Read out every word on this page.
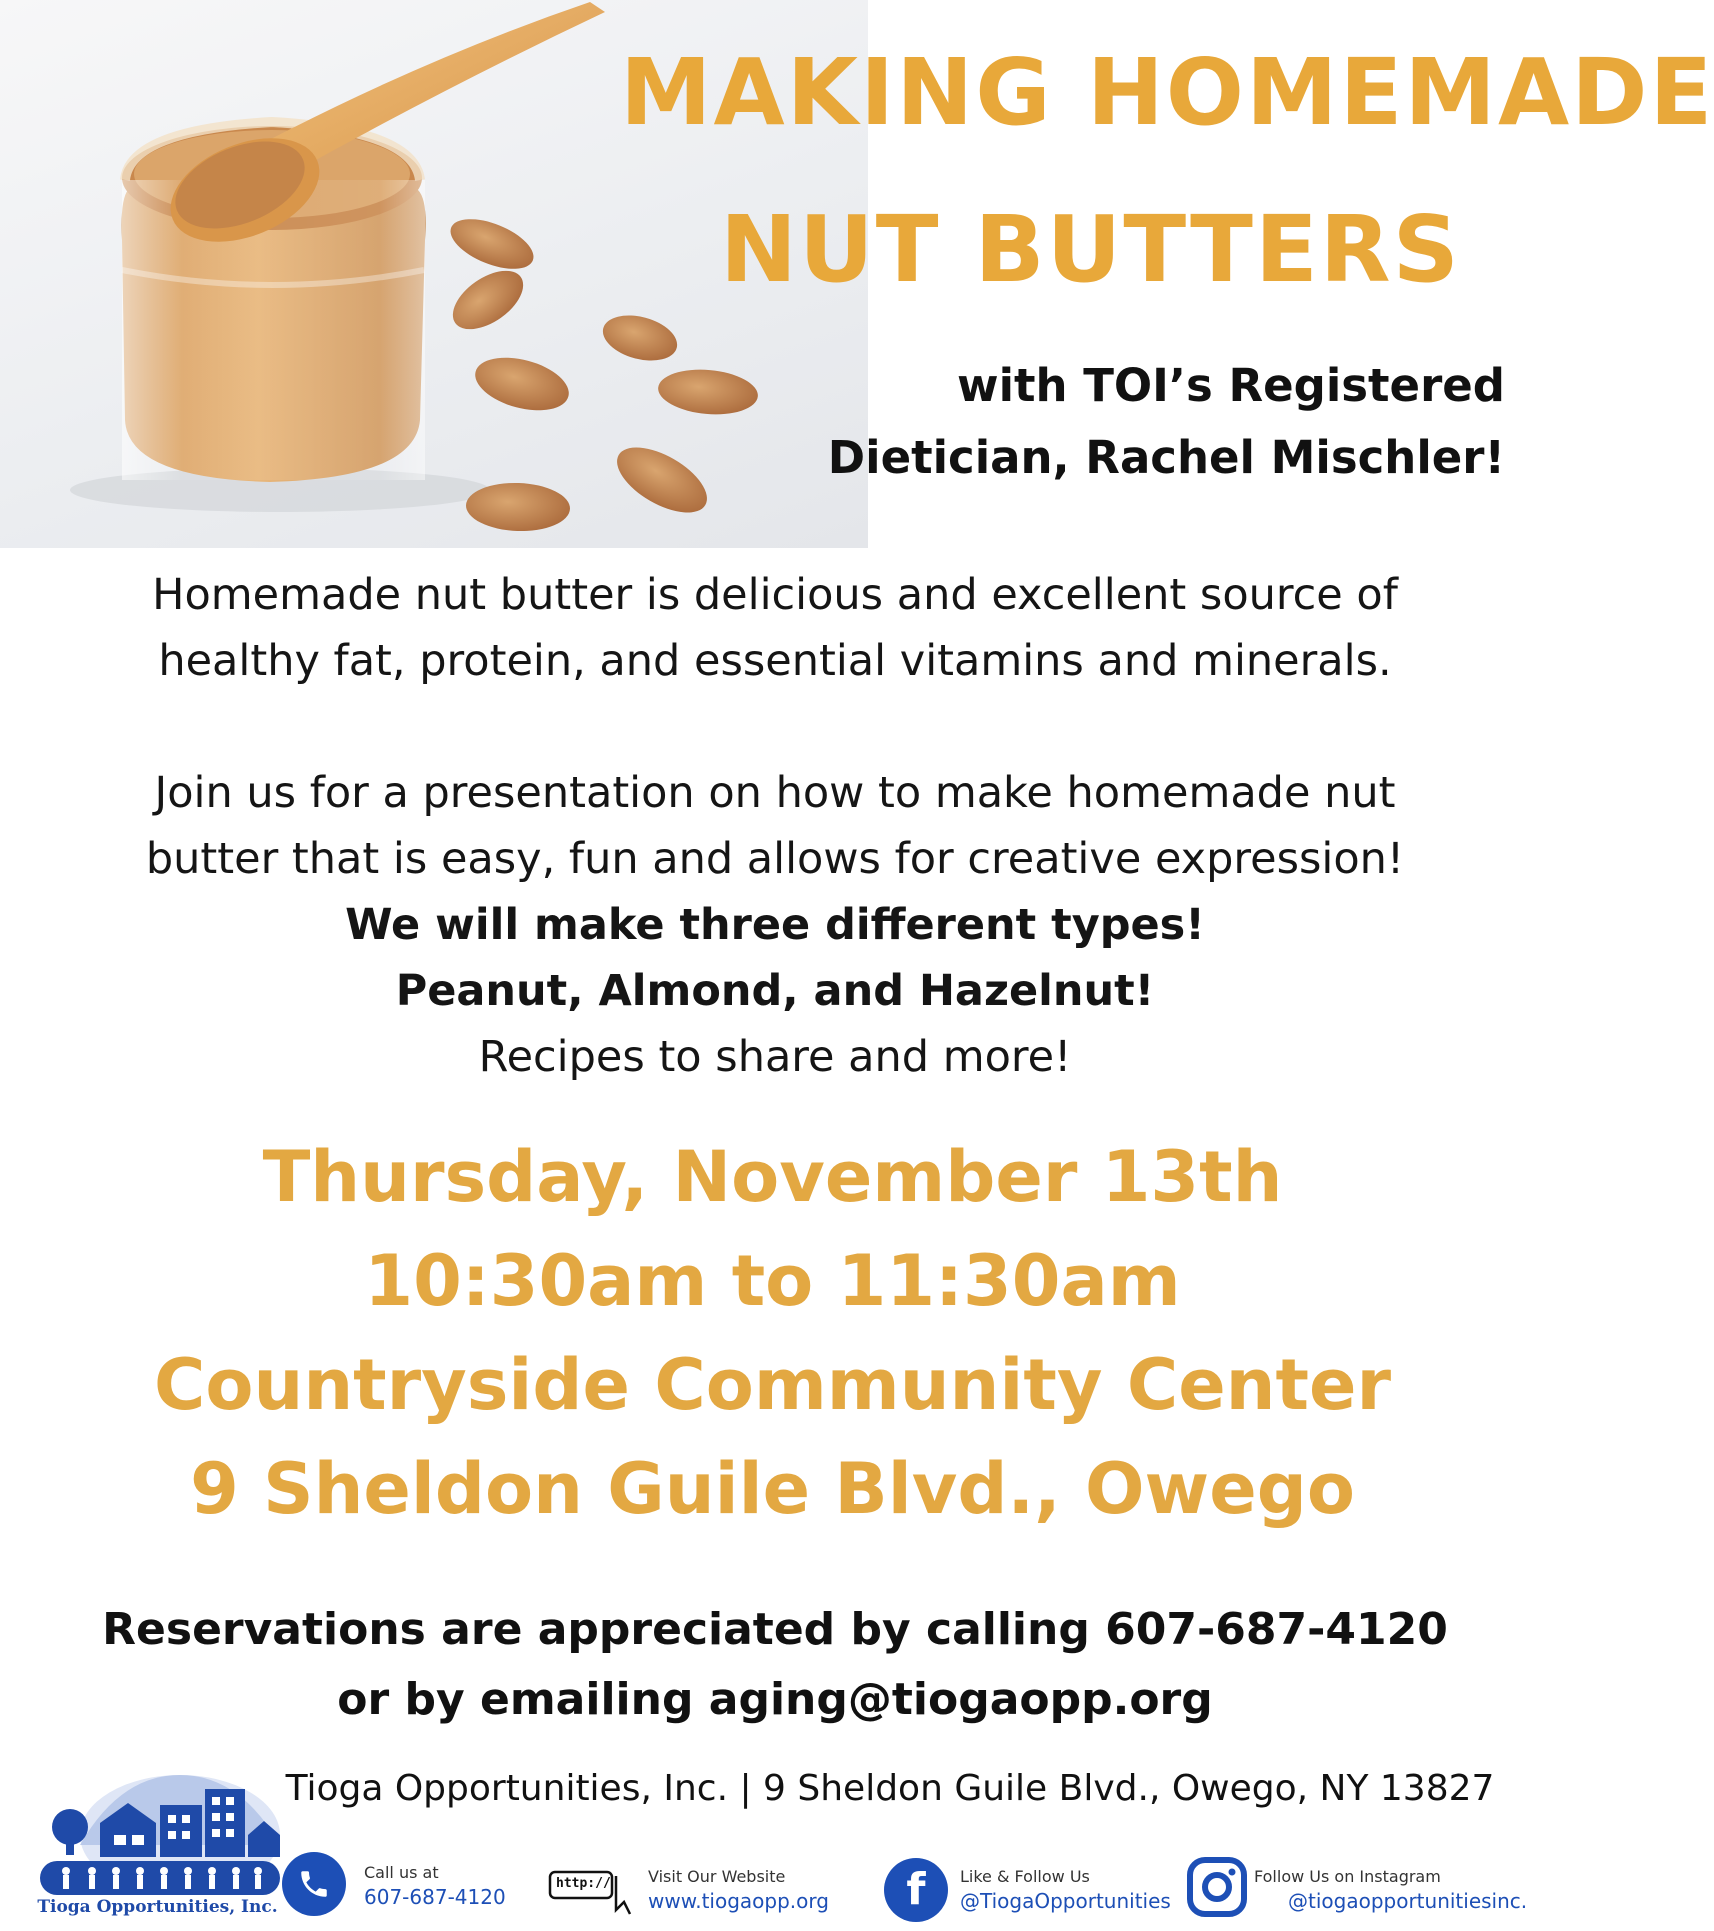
MAKING HOMEMADE
NUT BUTTERS
with TOI’s Registered
Dietician, Rachel Mischler!
Homemade nut butter is delicious and excellent source of
healthy fat, protein, and essential vitamins and minerals.
Join us for a presentation on how to make homemade nut
butter that is easy, fun and allows for creative expression!
We will make three different types!
Peanut, Almond, and Hazelnut!
Recipes to share and more!
Thursday, November 13th
10:30am to 11:30am
Countryside Community Center
9 Sheldon Guile Blvd., Owego
Reservations are appreciated by calling 607-687-4120
or by emailing aging@tiogaopp.org
Tioga Opportunities, Inc. | 9 Sheldon Guile Blvd., Owego, NY 13827
Tioga Opportunities, Inc.
Call us at
607-687-4120
http:// Visit Our Website
www.tiogaopp.org f Like & Follow Us
@TiogaOpportunities
Follow Us on Instagram
@tiogaopportunitiesinc.
